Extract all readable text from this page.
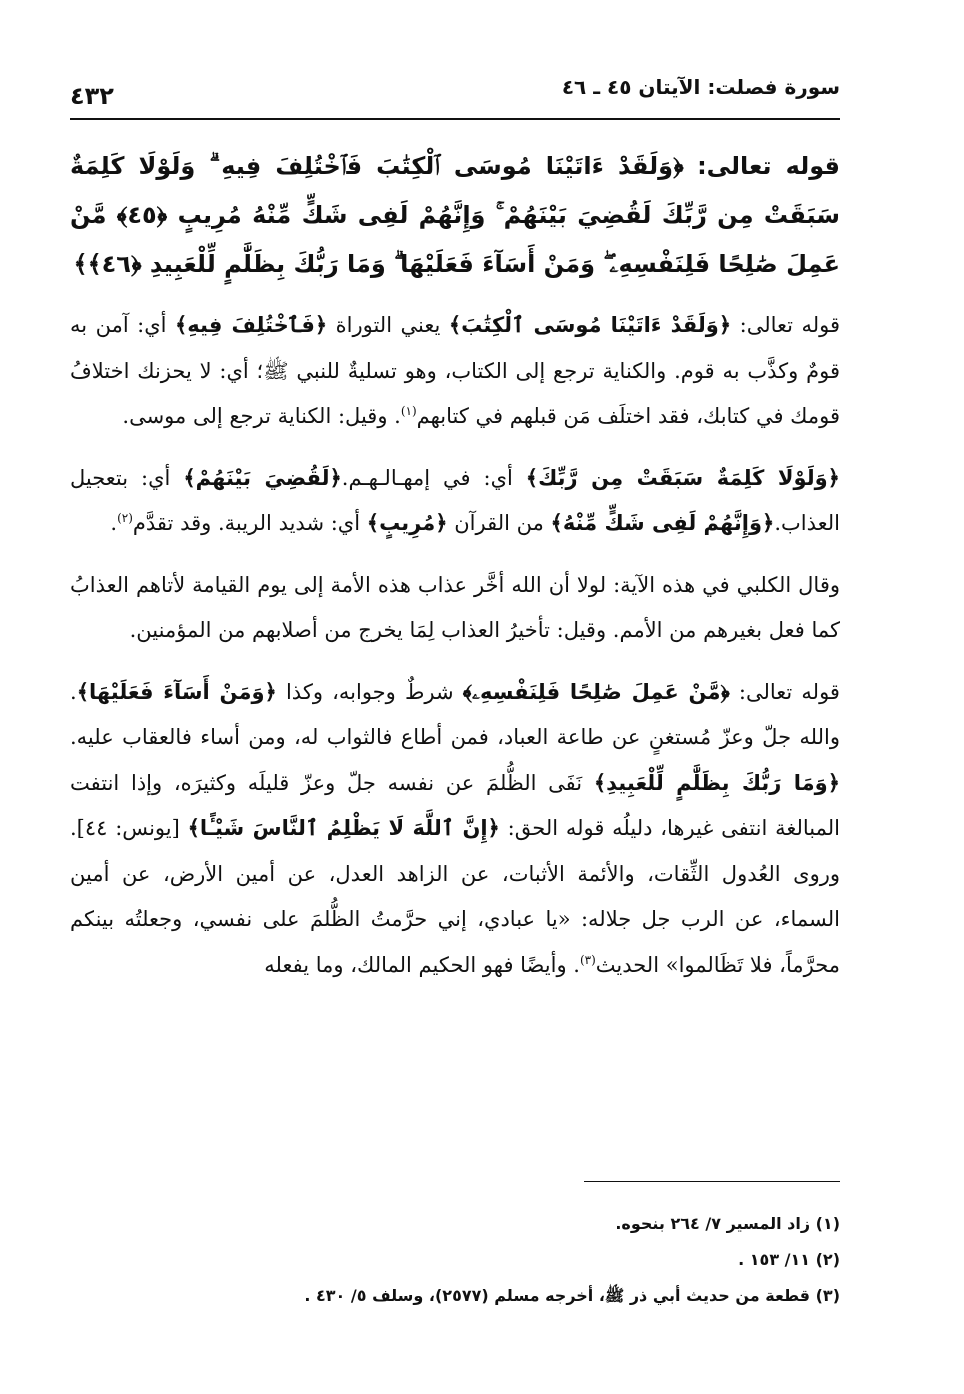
سورة فصلت: الآيتان ٤٥ ـ ٤٦
٤٣٢
قوله تعالى: ﴿وَلَقَدْ ءَاتَيْنَا مُوسَى ٱلْكِتَٰبَ فَٱخْتُلِفَ فِيهِ ۗ وَلَوْلَا كَلِمَةٌ سَبَقَتْ مِن رَّبِّكَ لَقُضِيَ بَيْنَهُمْ ۚ وَإِنَّهُمْ لَفِى شَكٍّ مِّنْهُ مُرِيبٍ ﴿٤٥﴾ مَّنْ عَمِلَ صَٰلِحًا فَلِنَفْسِهِۦ ۖ وَمَنْ أَسَآءَ فَعَلَيْهَا ۗ وَمَا رَبُّكَ بِظَلَّٰمٍ لِّلْعَبِيدِ ﴿٤٦﴾﴾
قوله تعالى: ﴿وَلَقَدْ ءَاتَيْنَا مُوسَى ٱلْكِتَٰبَ﴾ يعني التوراة ﴿فَٱخْتُلِفَ فِيهِ﴾ أي: آمن به قومٌ وكذَّب به قوم. والكناية ترجع إلى الكتاب، وهو تسليةٌ للنبي ﷺ؛ أي: لا يحزنك اختلافُ قومك في كتابك، فقد اختلَف مَن قبلهم في كتابهم$^{(١)}$. وقيل: الكناية ترجع إلى موسى.
﴿وَلَوْلَا كَلِمَةٌ سَبَقَتْ مِن رَّبِّكَ﴾ أي: في إمهـالـهـم.﴿لَقُضِيَ بَيْنَهُمْ﴾ أي: بتعجيل العذاب.﴿وَإِنَّهُمْ لَفِى شَكٍّ مِّنْهُ﴾ من القرآن ﴿مُرِيبٍ﴾ أي: شديد الريبة. وقد تقدَّم$^{(٢)}$.
وقال الكلبي في هذه الآية: لولا أن الله أخَّر عذاب هذه الأمة إلى يوم القيامة لأتاهم العذابُ كما فعل بغيرهم من الأمم. وقيل: تأخيرُ العذاب لِمَا يخرج من أصلابهم من المؤمنين.
قوله تعالى: ﴿مَّنْ عَمِلَ صَٰلِحًا فَلِنَفْسِهِۦ﴾ شرطٌ وجوابه، وكذا ﴿وَمَنْ أَسَآءَ فَعَلَيْهَا﴾. والله جلّ وعزّ مُستغنٍ عن طاعة العباد، فمن أطاع فالثواب له، ومن أساء فالعقاب عليه.﴿وَمَا رَبُّكَ بِظَلَّٰمٍ لِّلْعَبِيدِ﴾ نَفَى الظُّلمَ عن نفسه جلّ وعزّ قليلَه وكثيرَه، وإذا انتفت المبالغة انتفى غيرها، دليلُه قوله الحق: ﴿إِنَّ ٱللَّهَ لَا يَظْلِمُ ٱلنَّاسَ شَيْـًٔا﴾ [يونس: ٤٤]. وروى العُدول الثِّقات، والأئمة الأثبات، عن الزاهد العدل، عن أمين الأرض، عن أمين السماء، عن الرب جل جلاله: «يا عبادي، إني حرَّمتُ الظُّلمَ على نفسي، وجعلتُه بينكم محرَّماً، فلا تَظَالموا» الحديث$^{(٣)}$. وأيضًا فهو الحكيم المالك، وما يفعله

(١) زاد المسير ٧/ ٢٦٤ بنحوه.

(٢) ١١/ ١٥٣ .

(٣) قطعة من حديث أبي ذر ﷺ، أخرجه مسلم (٢٥٧٧)، وسلف ٥/ ٤٣٠ .
